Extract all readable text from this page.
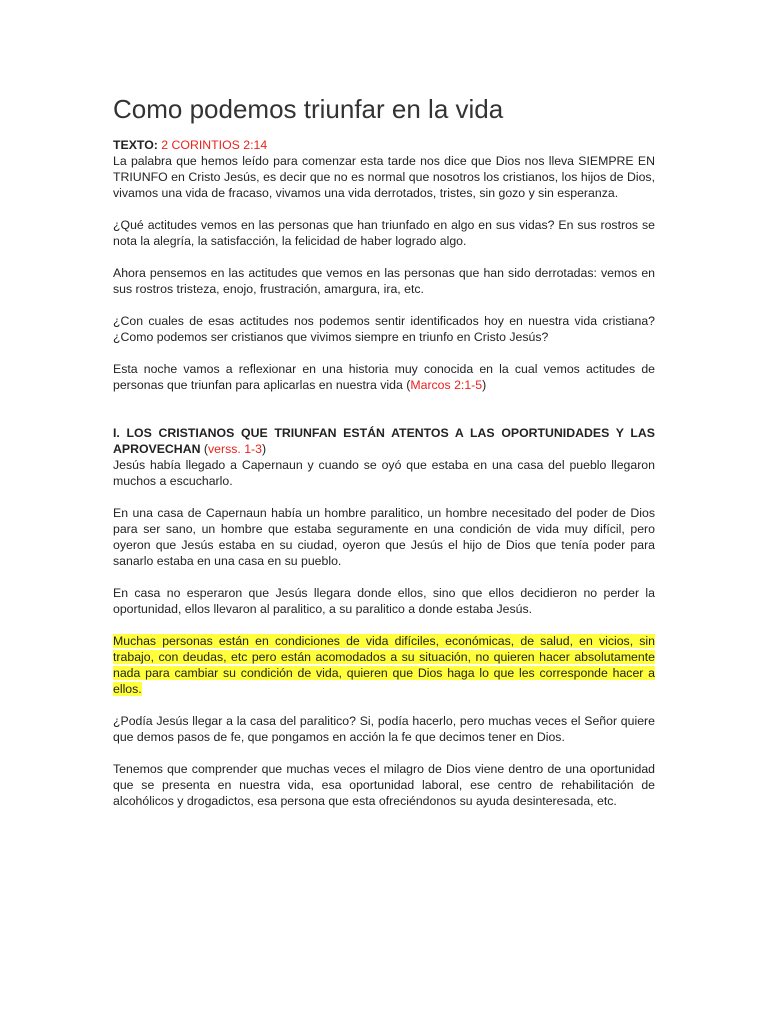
Como podemos triunfar en la vida

TEXTO: 2 CORINTIOS 2:14

La palabra que hemos leído para comenzar esta tarde nos dice que Dios nos lleva SIEMPRE EN TRIUNFO en Cristo Jesús, es decir que no es normal que nosotros los cristianos, los hijos de Dios, vivamos una vida de fracaso, vivamos una vida derrotados, tristes, sin gozo y sin esperanza.

¿Qué actitudes vemos en las personas que han triunfado en algo en sus vidas? En sus rostros se nota la alegría, la satisfacción, la felicidad de haber logrado algo.

Ahora pensemos en las actitudes que vemos en las personas que han sido derrotadas: vemos en sus rostros tristeza, enojo, frustración, amargura, ira, etc.

¿Con cuales de esas actitudes nos podemos sentir identificados hoy en nuestra vida cristiana? ¿Como podemos ser cristianos que vivimos siempre en triunfo en Cristo Jesús?

Esta noche vamos a reflexionar en una historia muy conocida en la cual vemos actitudes de personas que triunfan para aplicarlas en nuestra vida (Marcos 2:1-5)

I. LOS CRISTIANOS QUE TRIUNFAN ESTÁN ATENTOS A LAS OPORTUNIDADES Y LAS APROVECHAN (verss. 1-3)

Jesús había llegado a Capernaun y cuando se oyó que estaba en una casa del pueblo llegaron muchos a escucharlo.

En una casa de Capernaun había un hombre paralitico, un hombre necesitado del poder de Dios para ser sano, un hombre que estaba seguramente en una condición de vida muy difícil, pero oyeron que Jesús estaba en su ciudad, oyeron que Jesús el hijo de Dios que tenía poder para sanarlo estaba en una casa en su pueblo.

En casa no esperaron que Jesús llegara donde ellos, sino que ellos decidieron no perder la oportunidad, ellos llevaron al paralitico, a su paralitico a donde estaba Jesús.

Muchas personas están en condiciones de vida difíciles, económicas, de salud, en vicios, sin trabajo, con deudas, etc pero están acomodados a su situación, no quieren hacer absolutamente nada para cambiar su condición de vida, quieren que Dios haga lo que les corresponde hacer a ellos.

¿Podía Jesús llegar a la casa del paralitico? Si, podía hacerlo, pero muchas veces el Señor quiere que demos pasos de fe, que pongamos en acción la fe que decimos tener en Dios.

Tenemos que comprender que muchas veces el milagro de Dios viene dentro de una oportunidad que se presenta en nuestra vida, esa oportunidad laboral, ese centro de rehabilitación de alcohólicos y drogadictos, esa persona que esta ofreciéndonos su ayuda desinteresada, etc.
